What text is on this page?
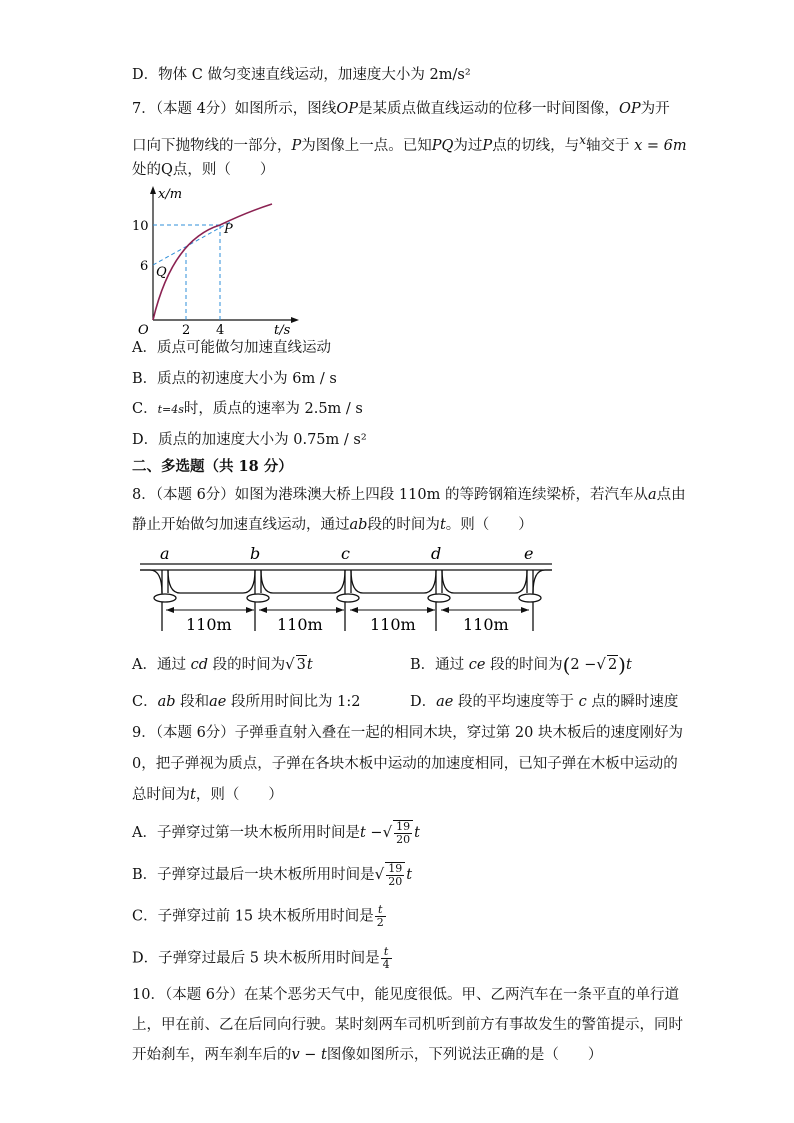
D．物体 C 做匀变速直线运动，加速度大小为 2m/s²
7．（本题 4分）如图所示，图线OP是某质点做直线运动的位移一时间图像，OP为开
口向下抛物线的一部分，P为图像上一点。已知PQ为过P点的切线，与$^x$轴交于 x = 6m
处的Q点，则（　　）
x/m
t/s
O
10
6
2 4
P
Q
A．质点可能做匀加速直线运动
B．质点的初速度大小为 6m / s
C．t=4s时，质点的速率为 2.5m / s
D．质点的加速度大小为 0.75m / s²
二、多选题（共 18 分）
8．（本题 6分）如图为港珠澳大桥上四段 110m 的等跨钢箱连续梁桥，若汽车从a点由
静止开始做匀加速直线运动，通过ab段的时间为t。则（　　）
a	b	c	d	e
110m	110m	110m	110m
A．通过 cd 段的时间为√ 3t	B．通过 ce 段的时间为(2 −√ 2)t
C．ab 段和ae 段所用时间比为 1:2	D．ae 段的平均速度等于 c 点的瞬时速度
9．（本题 6分）子弹垂直射入叠在一起的相同木块，穿过第 20 块木板后的速度刚好为
0，把子弹视为质点，子弹在各块木板中运动的加速度相同，已知子弹在木板中运动的
总时间为t，则（　　）
A．子弹穿过第一块木板所用时间是t −√ $\frac{19}{20}$ t
B．子弹穿过最后一块木板所用时间是√ $\frac{19}{20}$ t
C．子弹穿过前 15 块木板所用时间是 $\frac{t}{2}$
D．子弹穿过最后 5 块木板所用时间是 $\frac{t}{4}$
10．（本题 6分）在某个恶劣天气中，能见度很低。甲、乙两汽车在一条平直的单行道
上，甲在前、乙在后同向行驶。某时刻两车司机听到前方有事故发生的警笛提示，同时
开始刹车，两车刹车后的v − t图像如图所示，下列说法正确的是（　　）
